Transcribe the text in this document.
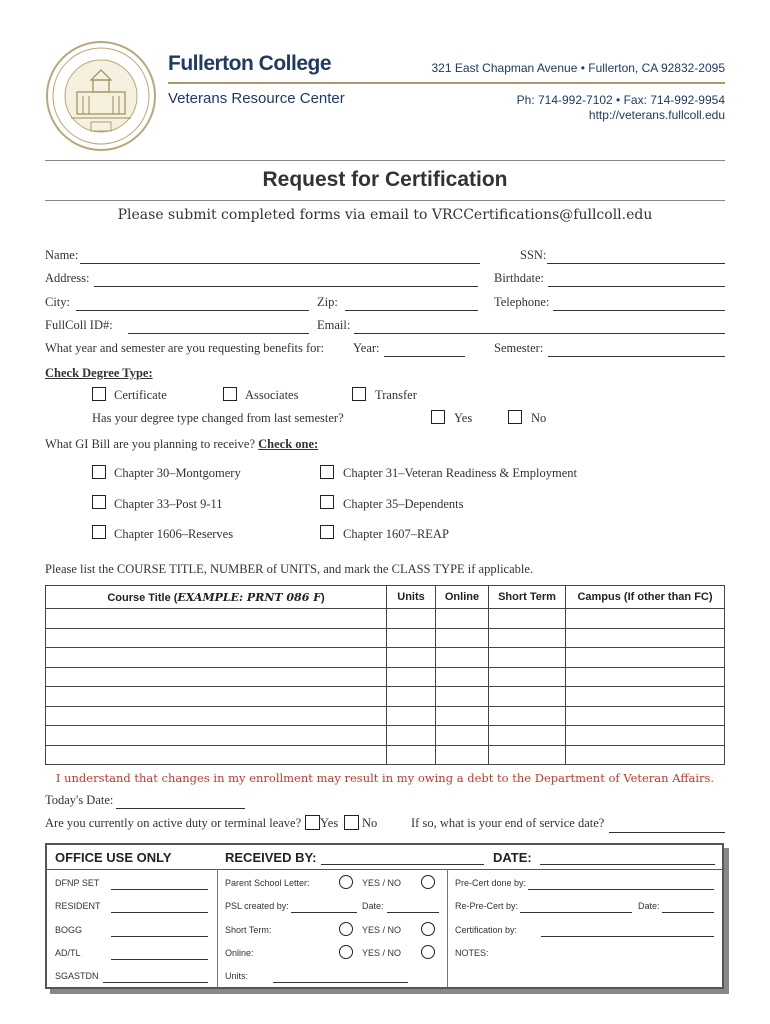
Fullerton College
Veterans Resource Center
321 East Chapman Avenue • Fullerton, CA 92832-2095
Ph: 714-992-7102 • Fax: 714-992-9954
http://veterans.fullcoll.edu
Request for Certification
Please submit completed forms via email to VRCCertifications@fullcoll.edu
Name:	SSN:
Address:	Birthdate:
City:	Zip:	Telephone:
FullColl ID#:	Email:
What year and semester are you requesting benefits for: Year:	Semester:
Check Degree Type:
Certificate	Associates	Transfer
Has your degree type changed from last semester?	Yes	No
What GI Bill are you planning to receive? Check one:
Chapter 30–Montgomery	Chapter 31–Veteran Readiness & Employment
Chapter 33–Post 9-11	Chapter 35–Dependents
Chapter 1606–Reserves	Chapter 1607–REAP
Please list the COURSE TITLE, NUMBER of UNITS, and mark the CLASS TYPE if applicable.
Course Title (EXAMPLE: PRNT 086 F)	Units	Online	Short Term	Campus (If other than FC)

I understand that changes in my enrollment may result in my owing a debt to the Department of Veteran Affairs.
Today's Date:
Are you currently on active duty or terminal leave? Yes No	If so, what is your end of service date?
OFFICE USE ONLY	RECEIVED BY:	DATE:
DFNP SET
RESIDENT
BOGG
AD/TL
SGASTDN
Parent School Letter:	YES / NO
PSL created by:	Date:
Short Term:	YES / NO
Online:	YES / NO
Units:
Pre-Cert done by:
Re-Pre-Cert by:	Date:
Certification by:
NOTES:
